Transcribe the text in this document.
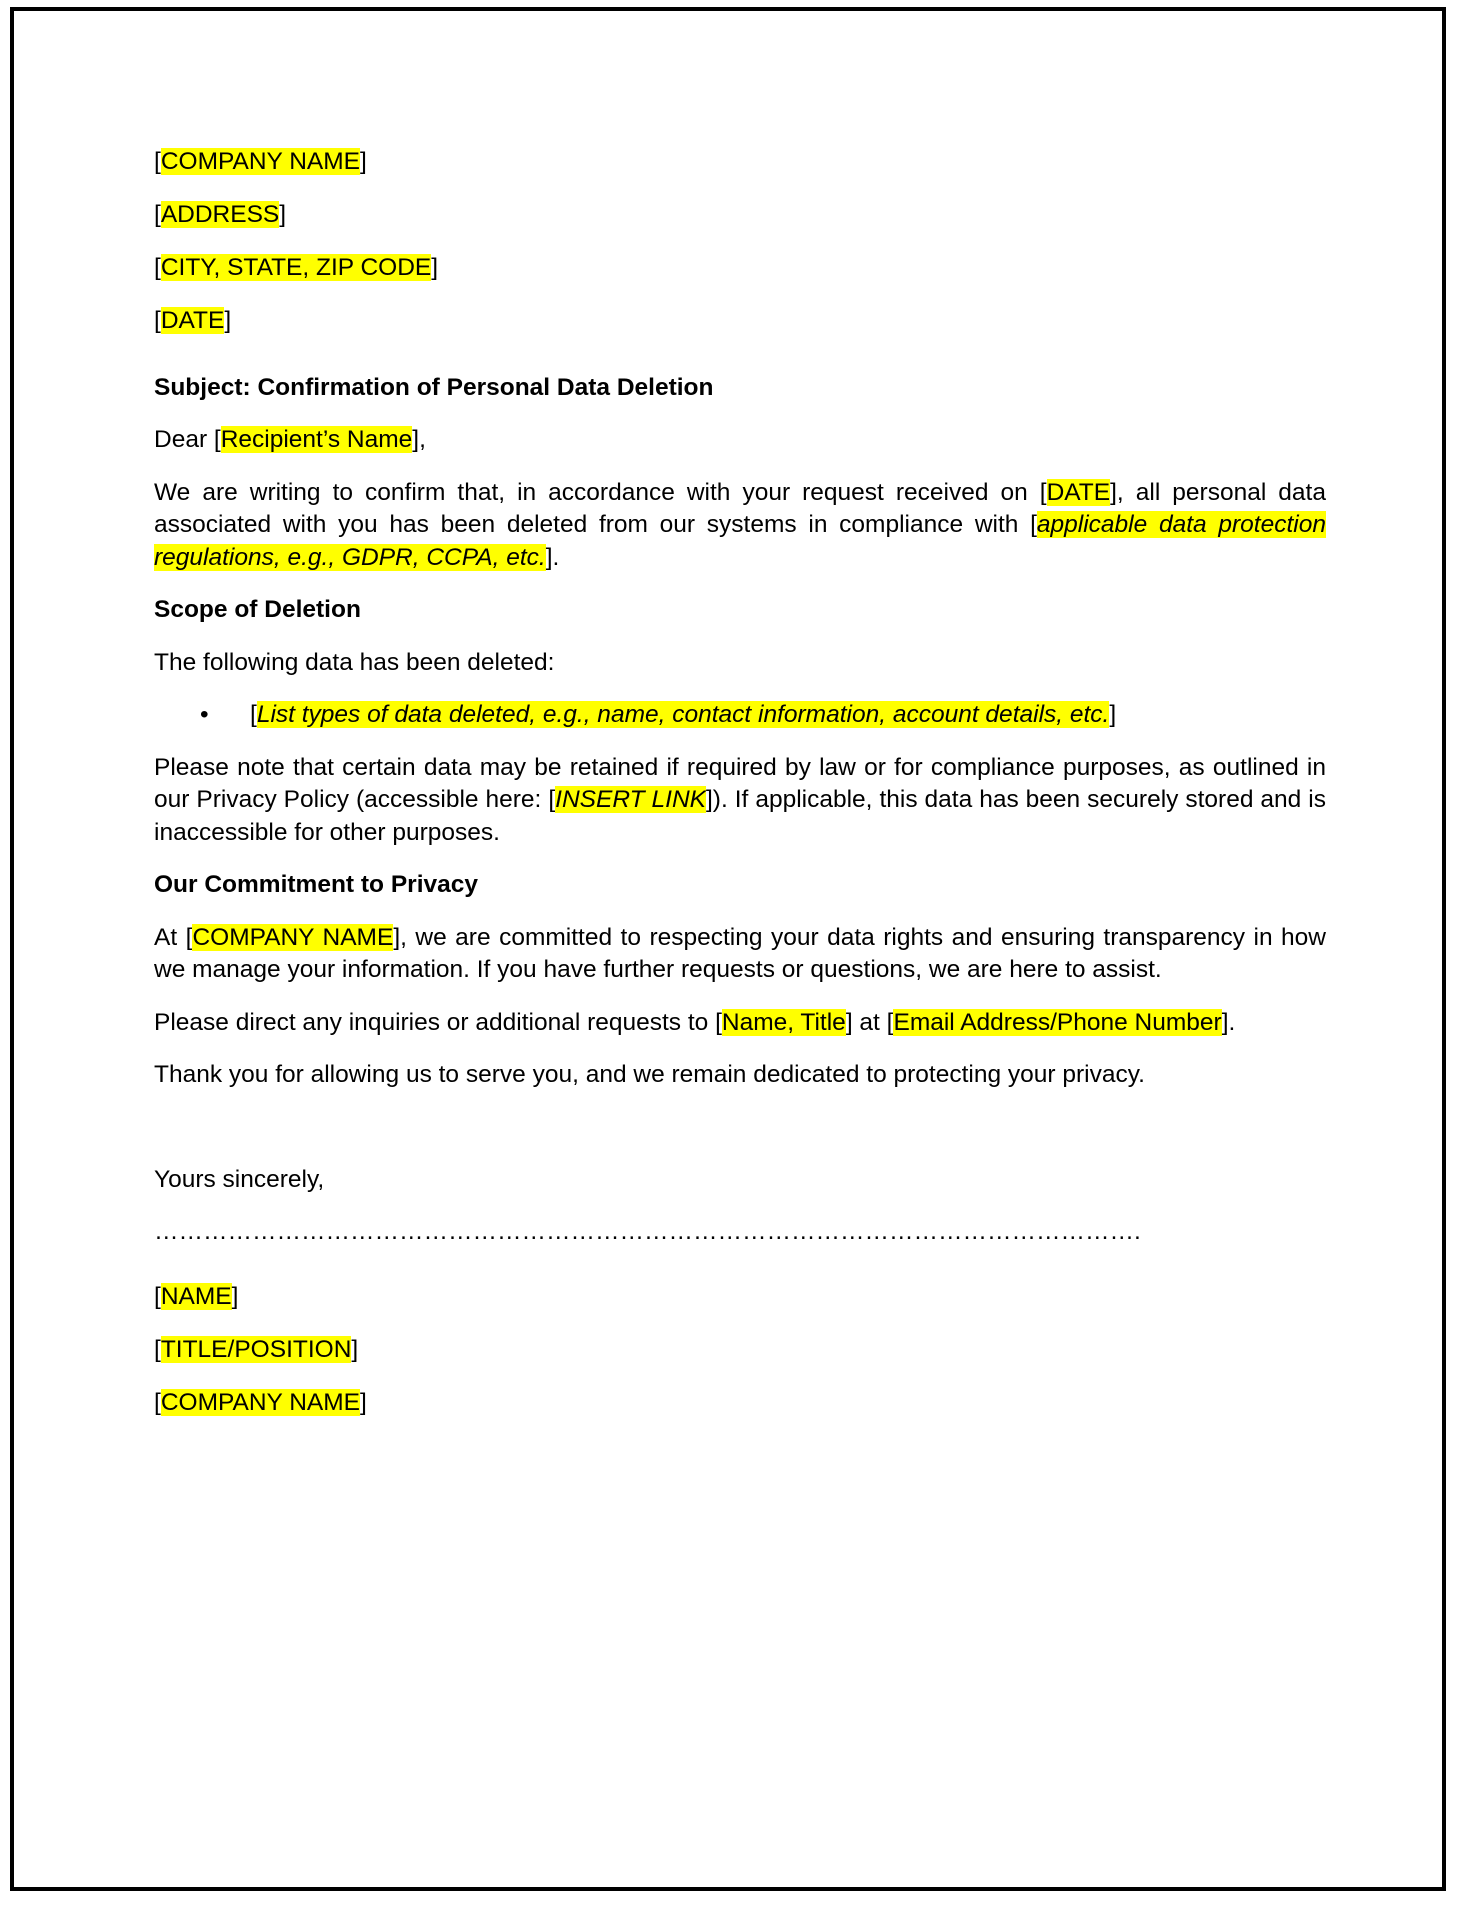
[COMPANY NAME]

[ADDRESS]

[CITY, STATE, ZIP CODE]

[DATE]

Subject: Confirmation of Personal Data Deletion

Dear [Recipient’s Name],

We are writing to confirm that, in accordance with your request received on [DATE], all personal data associated with you has been deleted from our systems in compliance with [applicable data protection regulations, e.g., GDPR, CCPA, etc.].

Scope of Deletion

The following data has been deleted:

•	[List types of data deleted, e.g., name, contact information, account details, etc.]

Please note that certain data may be retained if required by law or for compliance purposes, as outlined in our Privacy Policy (accessible here: [INSERT LINK]). If applicable, this data has been securely stored and is inaccessible for other purposes.

Our Commitment to Privacy

At [COMPANY NAME], we are committed to respecting your data rights and ensuring transparency in how we manage your information. If you have further requests or questions, we are here to assist.

Please direct any inquiries or additional requests to [Name, Title] at [Email Address/Phone Number].

Thank you for allowing us to serve you, and we remain dedicated to protecting your privacy.

Yours sincerely,

………………………………………………………………………………………………………….

[NAME]

[TITLE/POSITION]

[COMPANY NAME]
